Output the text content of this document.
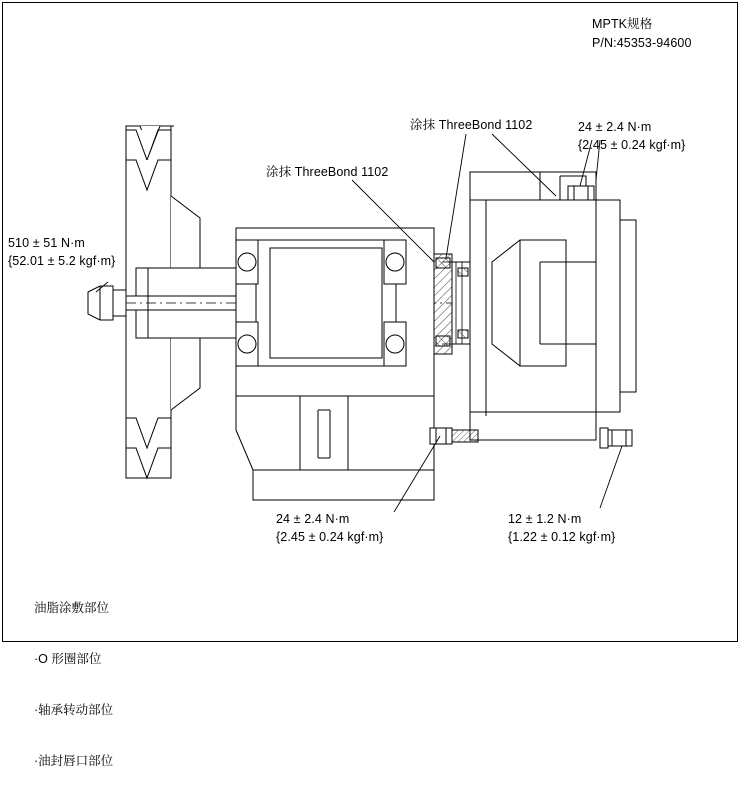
MPTK规格
P/N:45353-94600
510 ± 51 N·m
{52.01 ± 5.2 kgf·m}
涂抹 ThreeBond 1102
涂抹 ThreeBond 1102	24 ± 2.4 N·m
{2.45 ± 0.24 kgf·m}
24 ± 2.4 N·m
{2.45 ± 0.24 kgf·m}
12 ± 1.2 N·m
{1.22 ± 0.12 kgf·m}

油脂涂敷部位

·O 形圈部位

·轴承转动部位

·油封唇口部位
